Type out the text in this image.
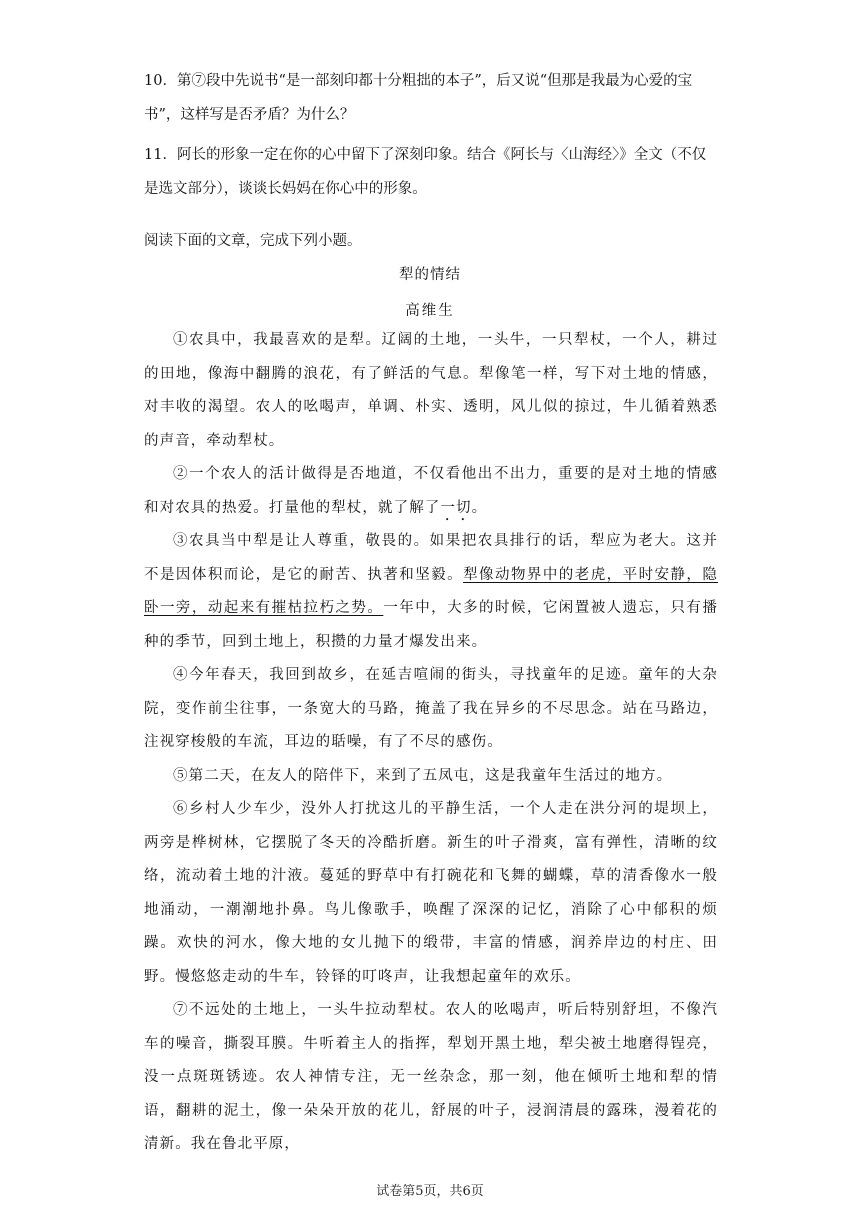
10．第⑦段中先说书“是一部刻印都十分粗拙的本子”，后又说“但那是我最为心爱的宝书”，这样写是否矛盾？为什么？
11．阿长的形象一定在你的心中留下了深刻印象。结合《阿长与〈山海经〉》全文（不仅是选文部分），谈谈长妈妈在你心中的形象。
阅读下面的文章，完成下列小题。
犁的情结
高维生

①农具中，我最喜欢的是犁。辽阔的土地，一头牛，一只犁杖，一个人，耕过的田地，像海中翻腾的浪花，有了鲜活的气息。犁像笔一样，写下对土地的情感，对丰收的渴望。农人的吆喝声，单调、朴实、透明，风儿似的掠过，牛儿循着熟悉的声音，牵动犁杖。

②一个农人的活计做得是否地道，不仅看他出不出力，重要的是对土地的情感和对农具的热爱。打量他的犁杖，就了解了一切。

③农具当中犁是让人尊重，敬畏的。如果把农具排行的话，犁应为老大。这并不是因体积而论，是它的耐苦、执著和坚毅。犁像动物界中的老虎，平时安静，隐卧一旁，动起来有摧枯拉朽之势。一年中，大多的时候，它闲置被人遗忘，只有播种的季节，回到土地上，积攒的力量才爆发出来。

④今年春天，我回到故乡，在延吉喧闹的街头，寻找童年的足迹。童年的大杂院，变作前尘往事，一条宽大的马路，掩盖了我在异乡的不尽思念。站在马路边，注视穿梭般的车流，耳边的聒噪，有了不尽的感伤。

⑤第二天，在友人的陪伴下，来到了五凤屯，这是我童年生活过的地方。

⑥乡村人少车少，没外人打扰这儿的平静生活，一个人走在洪分河的堤坝上，两旁是桦树林，它摆脱了冬天的冷酷折磨。新生的叶子滑爽，富有弹性，清晰的纹络，流动着土地的汁液。蔓延的野草中有打碗花和飞舞的蝴蝶，草的清香像水一般地涌动，一潮潮地扑鼻。鸟儿像歌手，唤醒了深深的记忆，消除了心中郁积的烦躁。欢快的河水，像大地的女儿抛下的缎带，丰富的情感，润养岸边的村庄、田野。慢悠悠走动的牛车，铃铎的叮咚声，让我想起童年的欢乐。

⑦不远处的土地上，一头牛拉动犁杖。农人的吆喝声，听后特别舒坦，不像汽车的噪音，撕裂耳膜。牛听着主人的指挥，犁划开黑土地，犁尖被土地磨得锃亮，没一点斑斑锈迹。农人神情专注，无一丝杂念，那一刻，他在倾听土地和犁的情语，翻耕的泥土，像一朵朵开放的花儿，舒展的叶子，浸润清晨的露珠，漫着花的清新。我在鲁北平原，

试卷第5页，共6页
